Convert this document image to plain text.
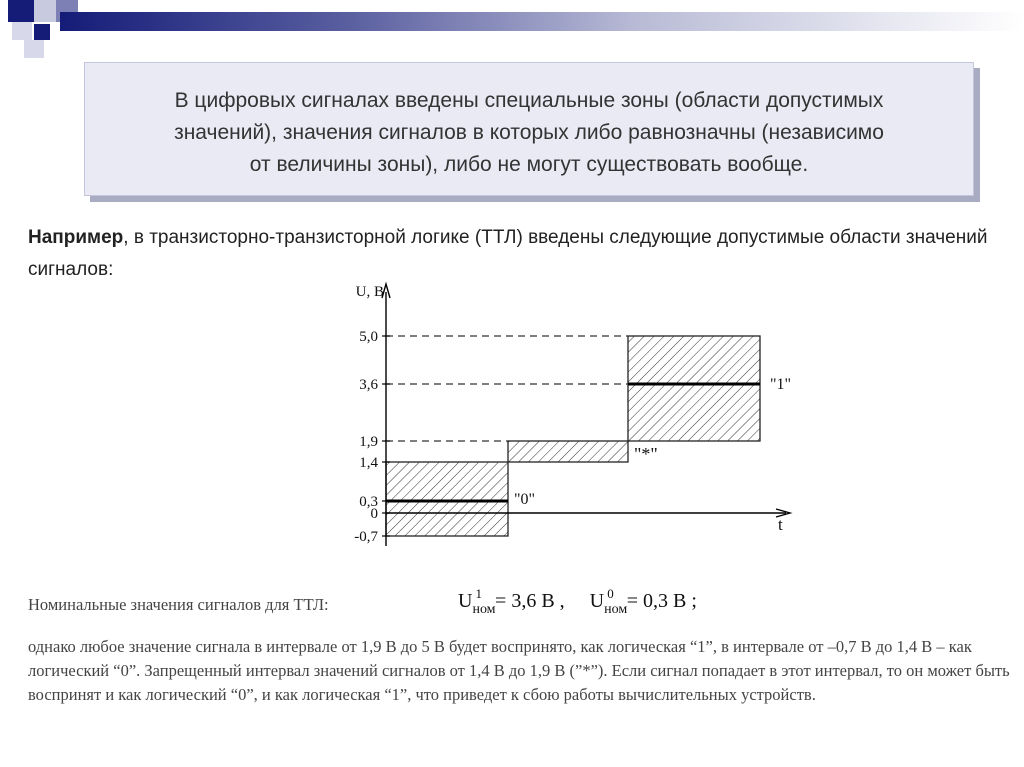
В цифровых сигналах введены специальные зоны (области допустимых
значений), значения сигналов в которых либо равнозначны (независимо
от величины зоны), либо не могут существовать вообще.
Например, в транзисторно-транзисторной логике (ТТЛ) введены следующие допустимые области значений сигналов:
5,0
3,6
1,9
1,4
0,3
0
-0,7
"0"
"*"
"1"
U, В
t
Номинальные значения сигналов для ТТЛ:	$U_{ном}^1 = 3,6$ В , $U_{ном}^0 = 0,3$ В ;
однако любое значение сигнала в интервале от 1,9 В до 5 В будет воспринято, как логическая “1”, в интервале от –0,7 В до 1,4 В – как логический “0”. Запрещенный интервал значений сигналов от 1,4 В до 1,9 В (”*”). Если сигнал попадает в этот интервал, то он может быть воспринят и как логический “0”, и как логическая “1”, что приведет к сбою работы вычислительных устройств.
